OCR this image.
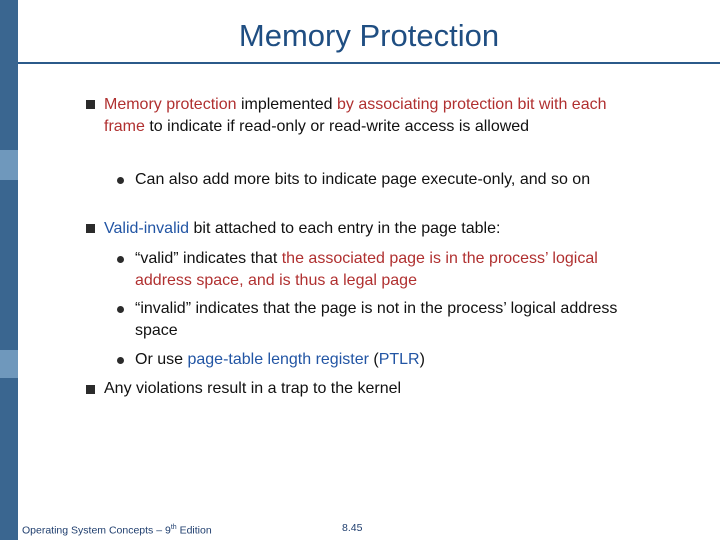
Memory Protection
Memory protection implemented by associating protection bit with each frame to indicate if read-only or read-write access is allowed
Can also add more bits to indicate page execute-only, and so on
Valid-invalid bit attached to each entry in the page table:
“valid” indicates that the associated page is in the process’ logical address space, and is thus a legal page
“invalid” indicates that the page is not in the process’ logical address space
Or use page-table length register (PTLR)
Any violations result in a trap to the kernel
Operating System Concepts – 9th Edition	8.45
